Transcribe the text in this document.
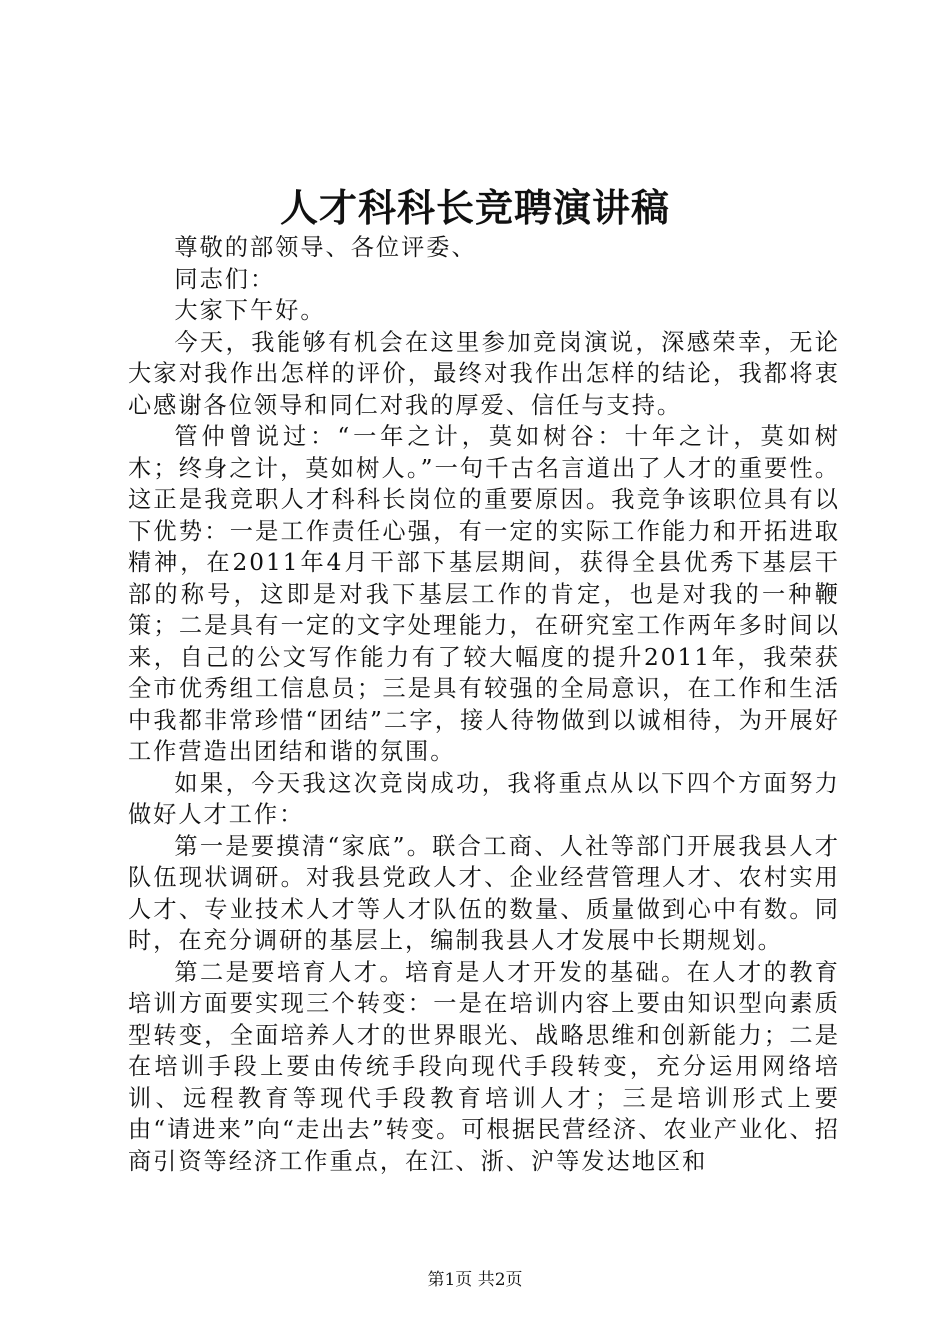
人才科科长竞聘演讲稿

尊敬的部领导、各位评委、

同志们：

大家下午好。

今天，我能够有机会在这里参加竞岗演说，深感荣幸，无论大家对我作出怎样的评价，最终对我作出怎样的结论，我都将衷心感谢各位领导和同仁对我的厚爱、信任与支持。

管仲曾说过：“一年之计，莫如树谷：十年之计，莫如树木；终身之计，莫如树人。”一句千古名言道出了人才的重要性。这正是我竞职人才科科长岗位的重要原因。我竞争该职位具有以下优势：一是工作责任心强，有一定的实际工作能力和开拓进取精神，在2011年4月干部下基层期间，获得全县优秀下基层干部的称号，这即是对我下基层工作的肯定，也是对我的一种鞭策；二是具有一定的文字处理能力，在研究室工作两年多时间以来，自己的公文写作能力有了较大幅度的提升2011年，我荣获全市优秀组工信息员；三是具有较强的全局意识，在工作和生活中我都非常珍惜“团结”二字，接人待物做到以诚相待，为开展好工作营造出团结和谐的氛围。

如果，今天我这次竞岗成功，我将重点从以下四个方面努力做好人才工作：

第一是要摸清“家底”。联合工商、人社等部门开展我县人才队伍现状调研。对我县党政人才、企业经营管理人才、农村实用人才、专业技术人才等人才队伍的数量、质量做到心中有数。同时，在充分调研的基层上，编制我县人才发展中长期规划。

第二是要培育人才。培育是人才开发的基础。在人才的教育培训方面要实现三个转变：一是在培训内容上要由知识型向素质型转变，全面培养人才的世界眼光、战略思维和创新能力；二是在培训手段上要由传统手段向现代手段转变，充分运用网络培训、远程教育等现代手段教育培训人才；三是培训形式上要由“请进来”向“走出去”转变。可根据民营经济、农业产业化、招商引资等经济工作重点，在江、浙、沪等发达地区和

第1页 共2页
